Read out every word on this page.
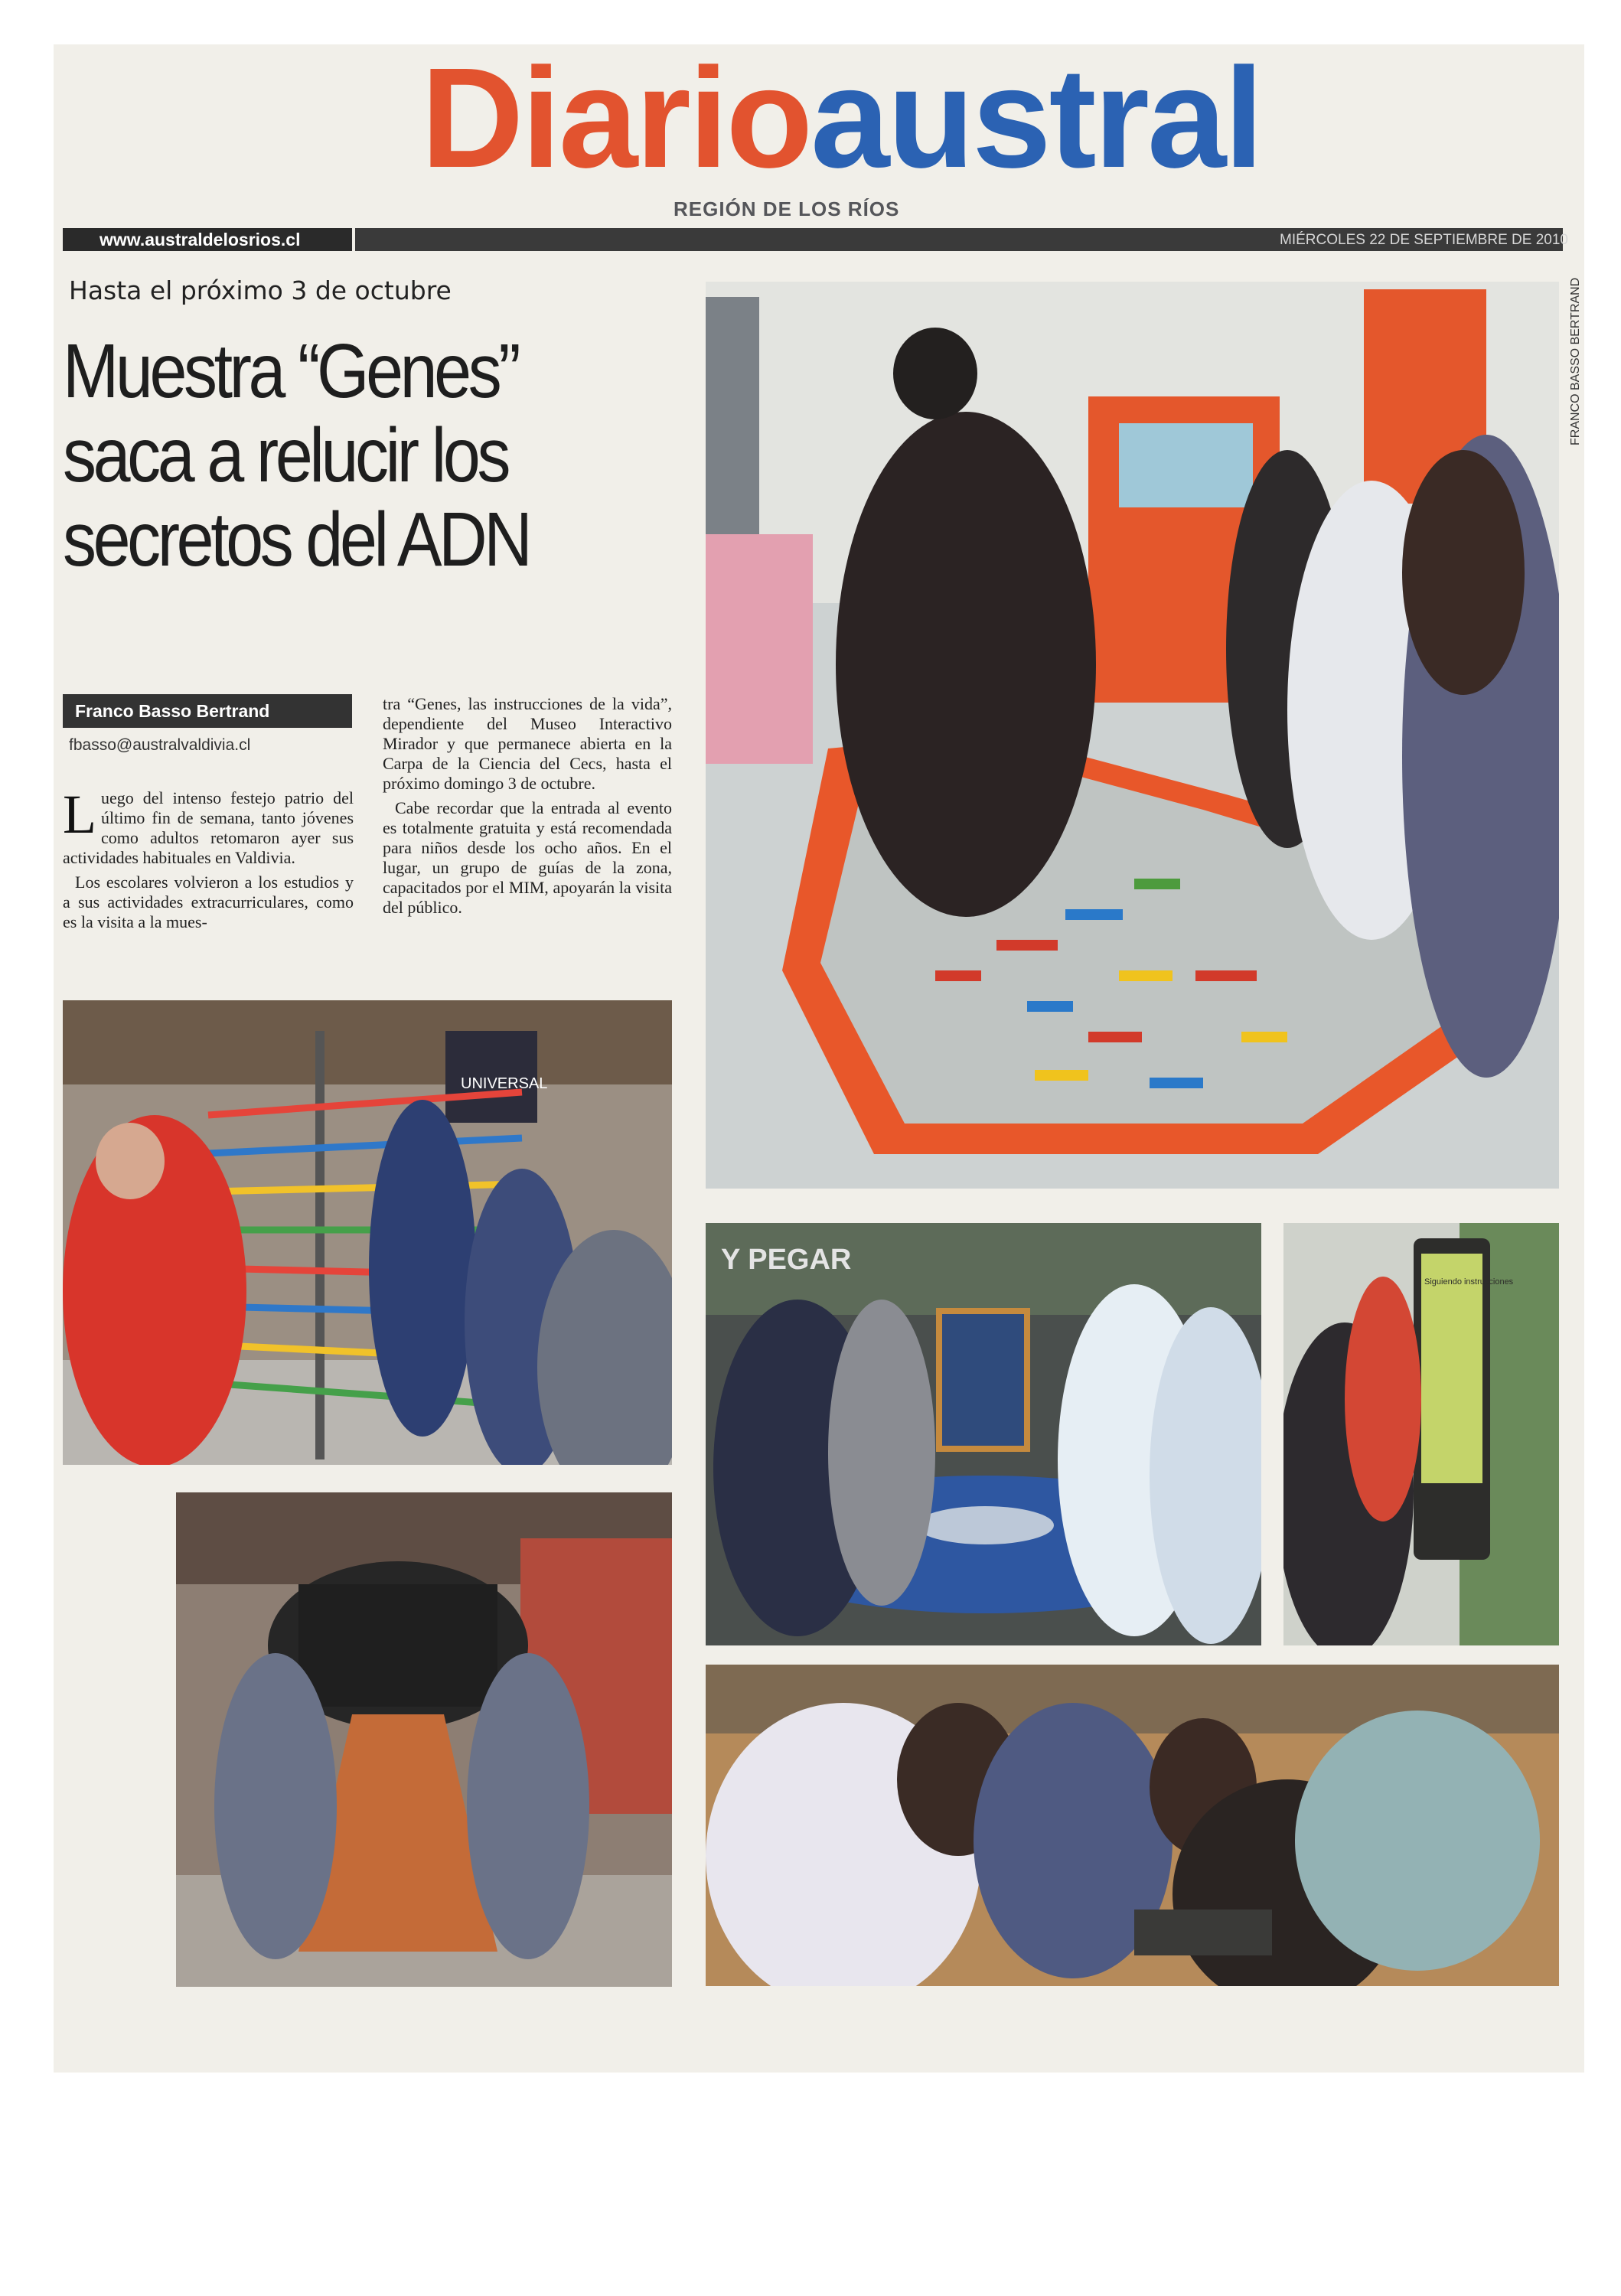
Diarioaustral
REGIÓN DE LOS RÍOS
www.australdelosrios.cl	MIÉRCOLES 22 DE SEPTIEMBRE DE 2010
Hasta el próximo 3 de octubre
Muestra “Genes”
saca a relucir los
secretos del ADN
Franco Basso Bertrand
fbasso@australvaldivia.cl

Luego del intenso festejo patrio del último fin de semana, tanto jóvenes como adultos retomaron ayer sus actividades habituales en Valdivia.

Los escolares volvieron a los estudios y a sus actividades extracurriculares, como es la visita a la mues-

tra “Genes, las instrucciones de la vida”, dependiente del Museo Interactivo Mirador y que permanece abierta en la Carpa de la Ciencia del Cecs, hasta el próximo domingo 3 de octubre.

Cabe recordar que la entrada al evento es totalmente gratuita y está recomendada para niños desde los ocho años. En el lugar, un grupo de guías de la zona, capacitados por el MIM, apoyarán la visita del público.

FRANCO BASSO BERTRAND
UNIVERSAL
Y PEGAR
Siguiendo instrucciones
